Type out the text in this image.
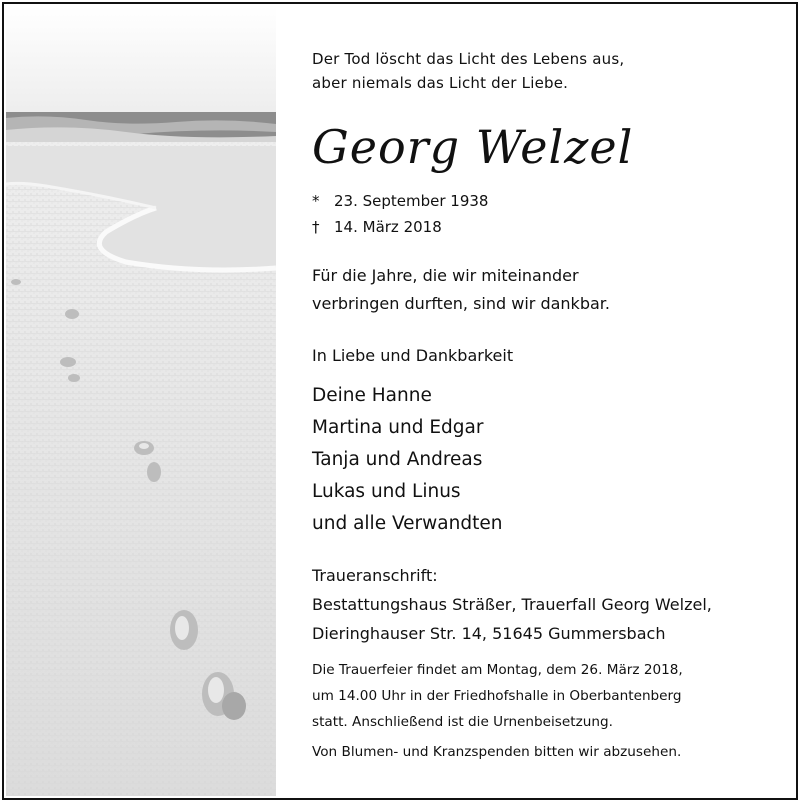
Der Tod löscht das Licht des Lebens aus,
aber niemals das Licht der Liebe.
Georg Welzel
* 23. September 1938
† 14. März 2018
Für die Jahre, die wir miteinander
verbringen durften, sind wir dankbar.
In Liebe und Dankbarkeit
Deine Hanne
Martina und Edgar
Tanja und Andreas
Lukas und Linus
und alle Verwandten
Traueranschrift:
Bestattungshaus Sträßer, Trauerfall Georg Welzel,
Dieringhauser Str. 14, 51645 Gummersbach
Die Trauerfeier findet am Montag, dem 26. März 2018,
um 14.00 Uhr in der Friedhofshalle in Oberbantenberg
statt. Anschließend ist die Urnenbeisetzung.
Von Blumen- und Kranzspenden bitten wir abzusehen.
